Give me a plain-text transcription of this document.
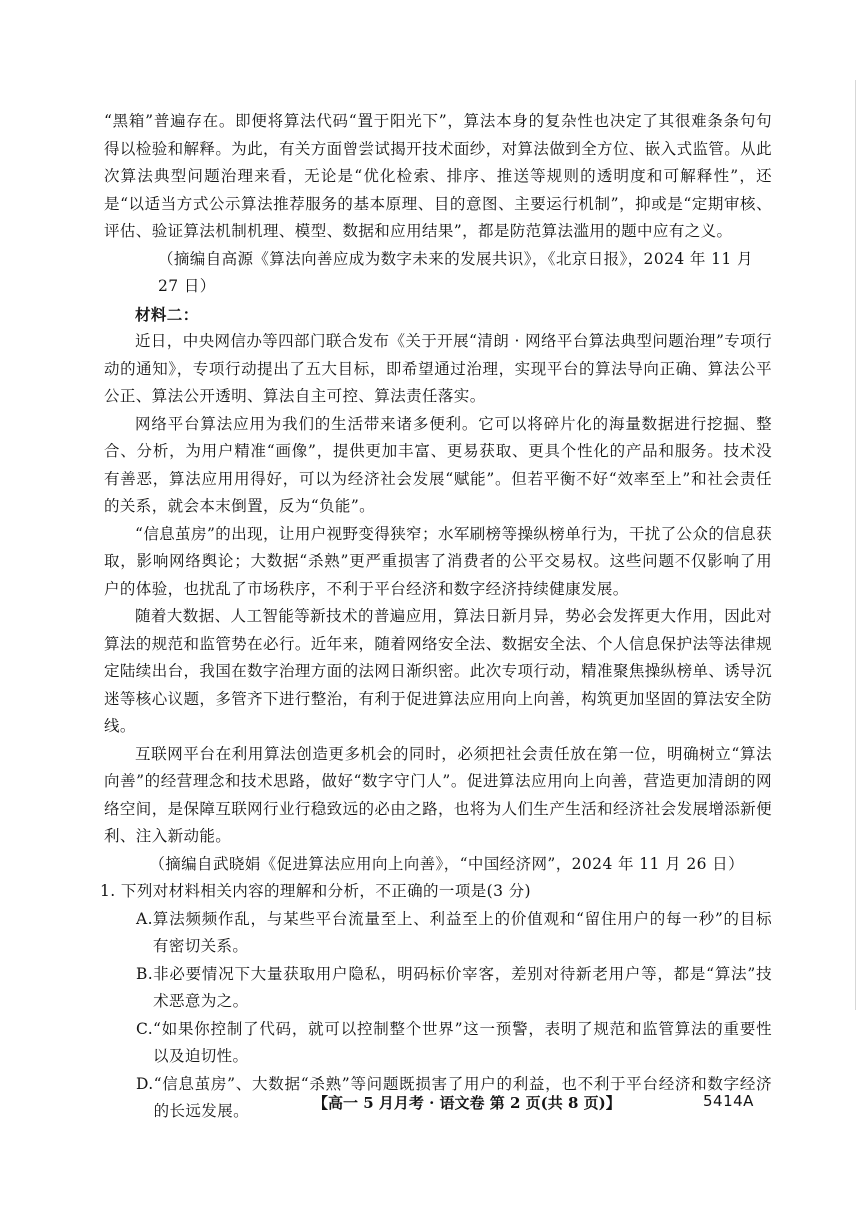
“黑箱”普遍存在。即便将算法代码“置于阳光下”，算法本身的复杂性也决定了其很难条条句句得以检验和解释。为此，有关方面曾尝试揭开技术面纱，对算法做到全方位、嵌入式监管。从此次算法典型问题治理来看，无论是“优化检索、排序、推送等规则的透明度和可解释性”，还是“以适当方式公示算法推荐服务的基本原理、目的意图、主要运行机制”，抑或是“定期审核、评估、验证算法机制机理、模型、数据和应用结果”，都是防范算法滥用的题中应有之义。

（摘编自高源《算法向善应成为数字未来的发展共识》，《北京日报》，2024 年 11 月 27 日）

材料二：

近日，中央网信办等四部门联合发布《关于开展“清朗 · 网络平台算法典型问题治理”专项行动的通知》，专项行动提出了五大目标，即希望通过治理，实现平台的算法导向正确、算法公平公正、算法公开透明、算法自主可控、算法责任落实。

网络平台算法应用为我们的生活带来诸多便利。它可以将碎片化的海量数据进行挖掘、整合、分析，为用户精准“画像”，提供更加丰富、更易获取、更具个性化的产品和服务。技术没有善恶，算法应用用得好，可以为经济社会发展“赋能”。但若平衡不好“效率至上”和社会责任的关系，就会本末倒置，反为“负能”。

“信息茧房”的出现，让用户视野变得狭窄；水军刷榜等操纵榜单行为，干扰了公众的信息获取，影响网络舆论；大数据“杀熟”更严重损害了消费者的公平交易权。这些问题不仅影响了用户的体验，也扰乱了市场秩序，不利于平台经济和数字经济持续健康发展。

随着大数据、人工智能等新技术的普遍应用，算法日新月异，势必会发挥更大作用，因此对算法的规范和监管势在必行。近年来，随着网络安全法、数据安全法、个人信息保护法等法律规定陆续出台，我国在数字治理方面的法网日渐织密。此次专项行动，精准聚焦操纵榜单、诱导沉迷等核心议题，多管齐下进行整治，有利于促进算法应用向上向善，构筑更加坚固的算法安全防线。

互联网平台在利用算法创造更多机会的同时，必须把社会责任放在第一位，明确树立“算法向善”的经营理念和技术思路，做好“数字守门人”。促进算法应用向上向善，营造更加清朗的网络空间，是保障互联网行业行稳致远的必由之路，也将为人们生产生活和经济社会发展增添新便利、注入新动能。

（摘编自武晓娟《促进算法应用向上向善》，“中国经济网”，2024 年 11 月 26 日）

1. 下列对材料相关内容的理解和分析，不正确的一项是(3 分)

A. 算法频频作乱，与某些平台流量至上、利益至上的价值观和“留住用户的每一秒”的目标有密切关系。
B. 非必要情况下大量获取用户隐私，明码标价宰客，差别对待新老用户等，都是“算法”技术恶意为之。
C. “如果你控制了代码，就可以控制整个世界”这一预警，表明了规范和监管算法的重要性以及迫切性。
D. “信息茧房”、大数据“杀熟”等问题既损害了用户的利益，也不利于平台经济和数字经济的长远发展。	【高一 5 月月考 · 语文卷 第 2 页(共 8 页)】	5414A
